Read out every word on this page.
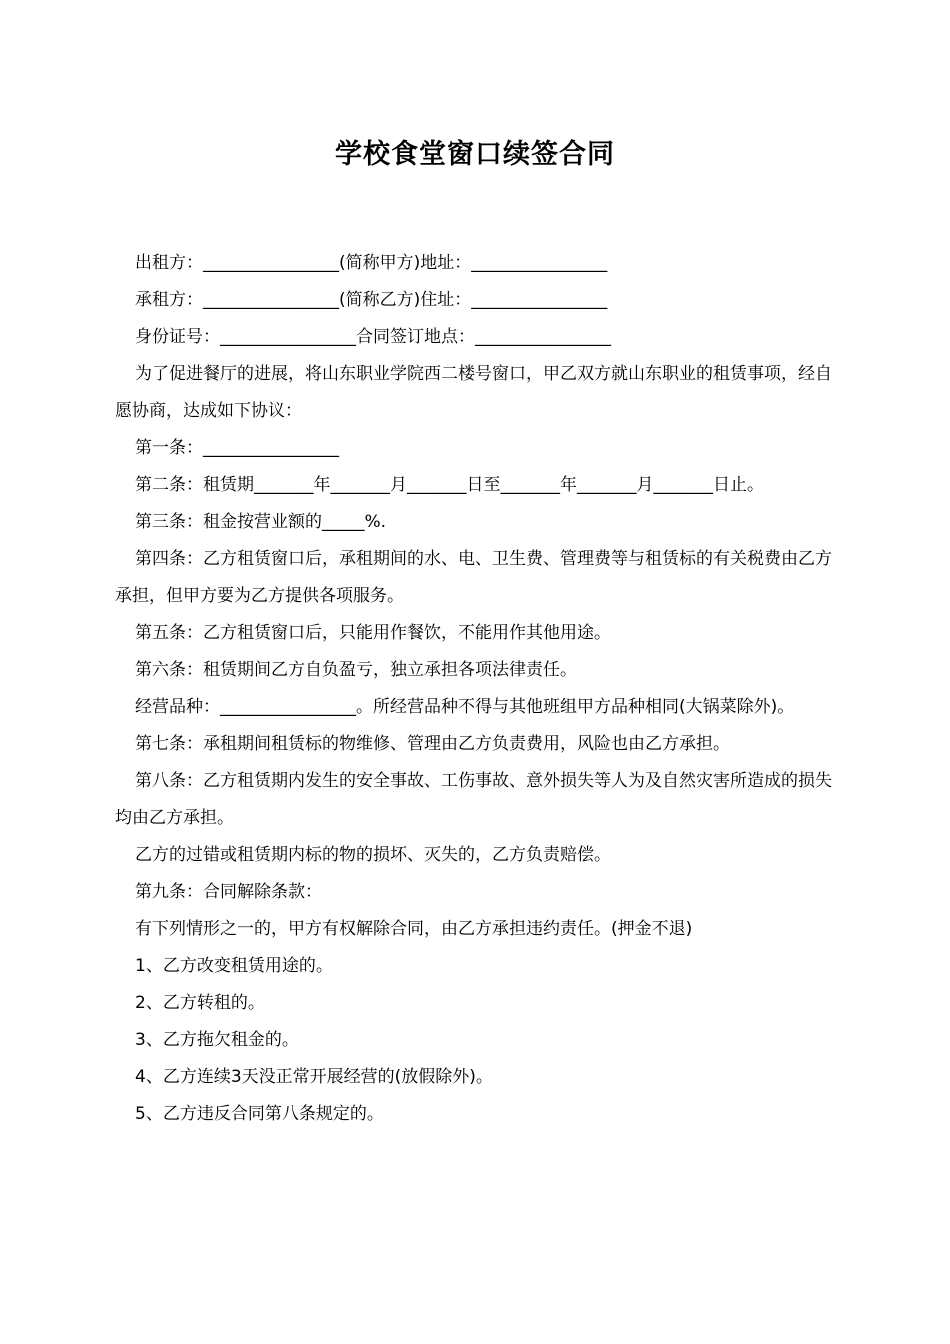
学校食堂窗口续签合同

出租方：________________(简称甲方)地址：________________

承租方：________________(简称乙方)住址：________________

身份证号：________________合同签订地点：________________

为了促进餐厅的进展，将山东职业学院西二楼号窗口，甲乙双方就山东职业的租赁事项，经自愿协商，达成如下协议：

第一条：________________

第二条：租赁期_______年_______月_______日至_______年_______月_______日止。

第三条：租金按营业额的_____%.

第四条：乙方租赁窗口后，承租期间的水、电、卫生费、管理费等与租赁标的有关税费由乙方承担，但甲方要为乙方提供各项服务。

第五条：乙方租赁窗口后，只能用作餐饮，不能用作其他用途。

第六条：租赁期间乙方自负盈亏，独立承担各项法律责任。

经营品种：________________。所经营品种不得与其他班组甲方品种相同(大锅菜除外)。

第七条：承租期间租赁标的物维修、管理由乙方负责费用，风险也由乙方承担。

第八条：乙方租赁期内发生的安全事故、工伤事故、意外损失等人为及自然灾害所造成的损失均由乙方承担。

乙方的过错或租赁期内标的物的损坏、灭失的，乙方负责赔偿。

第九条：合同解除条款：

有下列情形之一的，甲方有权解除合同，由乙方承担违约责任。(押金不退)

1、乙方改变租赁用途的。

2、乙方转租的。

3、乙方拖欠租金的。

4、乙方连续3天没正常开展经营的(放假除外)。

5、乙方违反合同第八条规定的。
